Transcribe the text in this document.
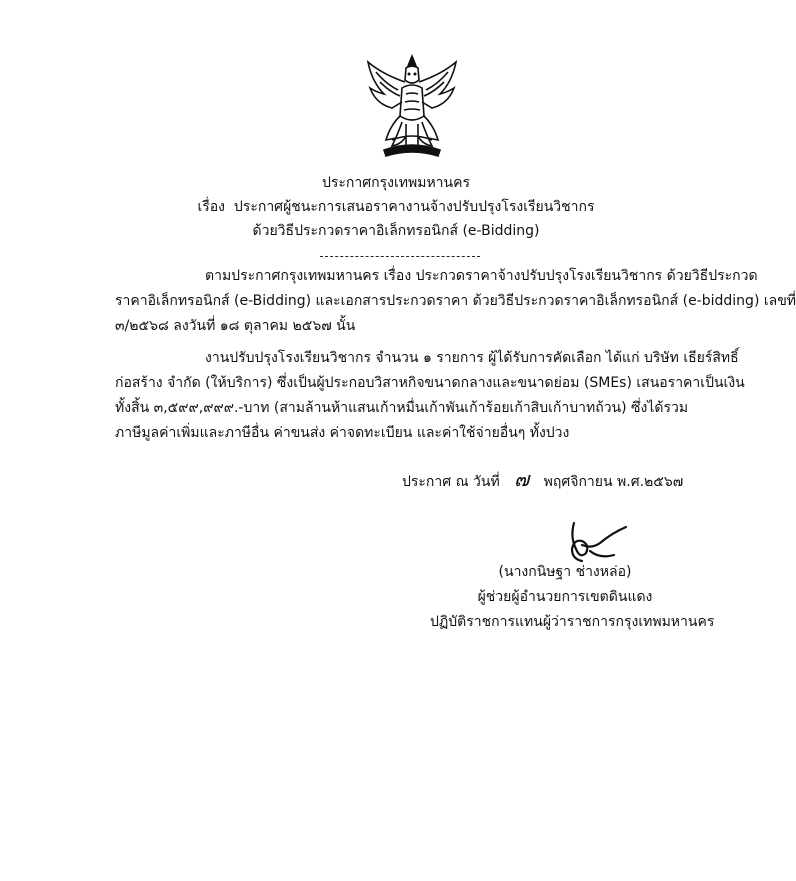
ประกาศกรุงเทพมหานคร
เรื่อง ประกาศผู้ชนะการเสนอราคางานจ้างปรับปรุงโรงเรียนวิชากร
ด้วยวิธีประกวดราคาอิเล็กทรอนิกส์ (e-Bidding)
ตามประกาศกรุงเทพมหานคร เรื่อง ประกวดราคาจ้างปรับปรุงโรงเรียนวิชากร ด้วยวิธีประกวด
ราคาอิเล็กทรอนิกส์ (e-Bidding) และเอกสารประกวดราคา ด้วยวิธีประกวดราคาอิเล็กทรอนิกส์ (e-bidding) เลขที่
๓/๒๕๖๘ ลงวันที่ ๑๘ ตุลาคม ๒๕๖๗ นั้น
งานปรับปรุงโรงเรียนวิชากร จำนวน ๑ รายการ ผู้ได้รับการคัดเลือก ได้แก่ บริษัท เธียร์สิทธิ์
ก่อสร้าง จำกัด (ให้บริการ) ซึ่งเป็นผู้ประกอบวิสาหกิจขนาดกลางและขนาดย่อม (SMEs) เสนอราคาเป็นเงิน
ทั้งสิ้น ๓,๕๙๙,๙๙๙.-บาท (สามล้านห้าแสนเก้าหมื่นเก้าพันเก้าร้อยเก้าสิบเก้าบาทถ้วน) ซึ่งได้รวม
ภาษีมูลค่าเพิ่มและภาษีอื่น ค่าขนส่ง ค่าจดทะเบียน และค่าใช้จ่ายอื่นๆ ทั้งปวง
ประกาศ ณ วันที่ ๗ พฤศจิกายน พ.ศ.๒๕๖๗
(นางกนิษฐา ช่างหล่อ)
ผู้ช่วยผู้อำนวยการเขตดินแดง
ปฏิบัติราชการแทนผู้ว่าราชการกรุงเทพมหานคร
